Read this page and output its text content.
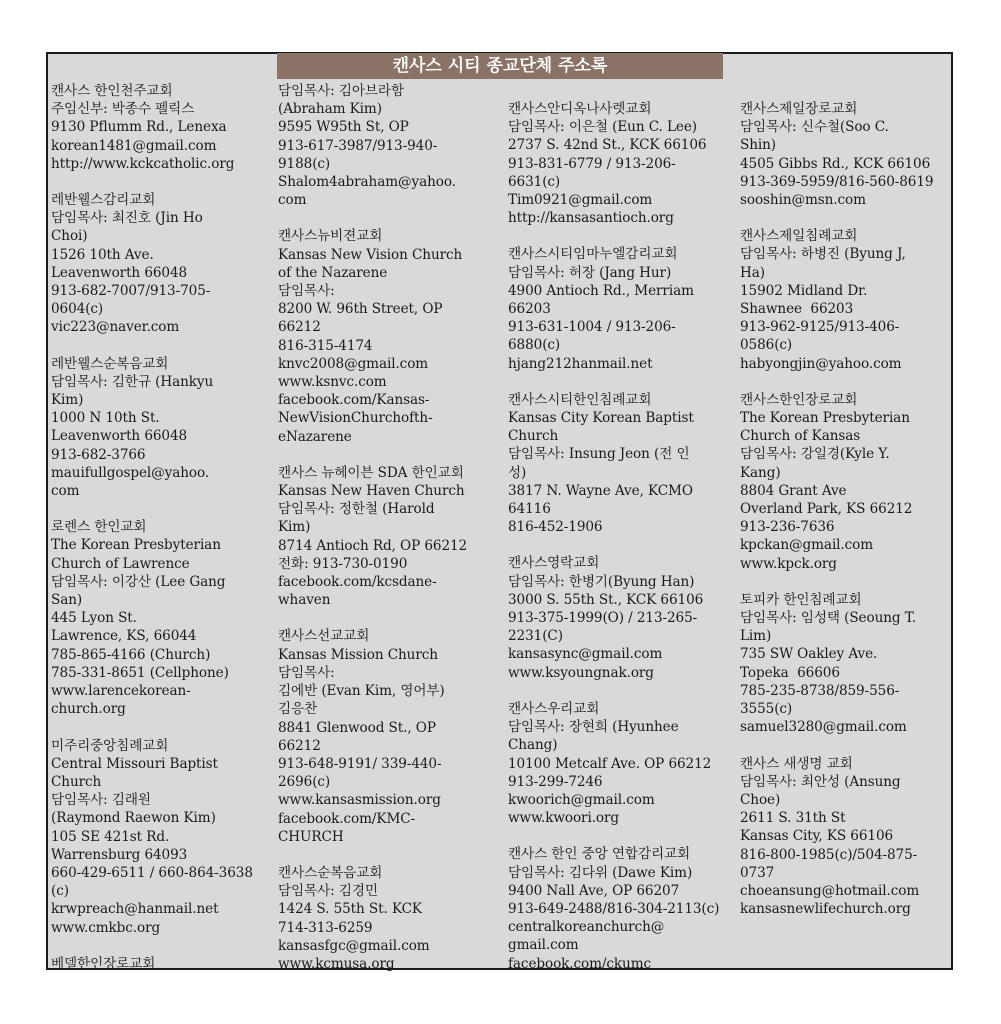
캔사스 시티 종교단체 주소록
캔사스 한인천주교회
주임신부: 박종수 펠릭스
9130 Pflumm Rd., Lenexa
korean1481@gmail.com
http://www.kckcatholic.org
레반웰스감리교회
담임목사: 최진호 (Jin Ho
Choi)
1526 10th Ave.
Leavenworth 66048
913-682-7007/913-705-
0604(c)
vic223@naver.com
레반웰스순복음교회
담임목사: 김한규 (Hankyu
Kim)
1000 N 10th St.
Leavenworth 66048
913-682-3766
mauifullgospel@yahoo.
com
로렌스 한인교회
The Korean Presbyterian
Church of Lawrence
담임목사: 이강산 (Lee Gang
San)
445 Lyon St.
Lawrence, KS, 66044
785-865-4166 (Church)
785-331-8651 (Cellphone)
www.larencekorean-
church.org
미주리중앙침례교회
Central Missouri Baptist
Church
담임목사: 김래원
(Raymond Raewon Kim)
105 SE 421st Rd.
Warrensburg 64093
660-429-6511 / 660-864-3638
(c)
krwpreach@hanmail.net
www.cmkbc.org
베델한인장로교회
담임목사: 김아브라함
(Abraham Kim)
9595 W95th St, OP
913-617-3987/913-940-
9188(c)
Shalom4abraham@yahoo.
com
캔사스뉴비젼교회
Kansas New Vision Church
of the Nazarene
담임목사:
8200 W. 96th Street, OP
66212
816-315-4174
knvc2008@gmail.com
www.ksnvc.com
facebook.com/Kansas-
NewVisionChurchofth-
eNazarene
캔사스 뉴헤이븐 SDA 한인교회
Kansas New Haven Church
담임목사: 정한철 (Harold
Kim)
8714 Antioch Rd, OP 66212
전화: 913-730-0190
facebook.com/kcsdane-
whaven
캔사스선교교회
Kansas Mission Church
담임목사:
김에반 (Evan Kim, 영어부)
김응찬
8841 Glenwood St., OP
66212
913-648-9191/ 339-440-
2696(c)
www.kansasmission.org
facebook.com/KMC-
CHURCH
캔사스순복음교회
담임목사: 김경민
1424 S. 55th St. KCK
714-313-6259
kansasfgc@gmail.com
www.kcmusa.org
캔사스안디옥나사렛교회
담임목사: 이은철 (Eun C. Lee)
2737 S. 42nd St., KCK 66106
913-831-6779 / 913-206-
6631(c)
Tim0921@gmail.com
http://kansasantioch.org
캔사스시티임마누엘감리교회
담임목사: 허장 (Jang Hur)
4900 Antioch Rd., Merriam
66203
913-631-1004 / 913-206-
6880(c)
hjang212hanmail.net
캔사스시티한인침례교회
Kansas City Korean Baptist
Church
담임목사: Insung Jeon (전 인
성)
3817 N. Wayne Ave, KCMO
64116
816-452-1906
캔사스영락교회
담임목사: 한병기(Byung Han)
3000 S. 55th St., KCK 66106
913-375-1999(O) / 213-265-
2231(C)
kansasync@gmail.com
www.ksyoungnak.org
캔사스우리교회
담임목사: 장현희 (Hyunhee
Chang)
10100 Metcalf Ave. OP 66212
913-299-7246
kwoorich@gmail.com
www.kwoori.org
캔사스 한인 중앙 연합감리교회
담임목사: 김다위 (Dawe Kim)
9400 Nall Ave, OP 66207
913-649-2488/816-304-2113(c)
centralkoreanchurch@
gmail.com
facebook.com/ckumc
캔사스제일장로교회
담임목사: 신수철(Soo C.
Shin)
4505 Gibbs Rd., KCK 66106
913-369-5959/816-560-8619
sooshin@msn.com
캔사스제일침례교회
담임목사: 하병진 (Byung J,
Ha)
15902 Midland Dr.
Shawnee  66203
913-962-9125/913-406-
0586(c)
habyongjin@yahoo.com
캔사스한인장로교회
The Korean Presbyterian
Church of Kansas
담임목사: 강일경(Kyle Y.
Kang)
8804 Grant Ave
Overland Park, KS 66212
913-236-7636
kpckan@gmail.com
www.kpck.org
토피카 한인침례교회
담임목사: 임성택 (Seoung T.
Lim)
735 SW Oakley Ave.
Topeka  66606
785-235-8738/859-556-
3555(c)
samuel3280@gmail.com
캔사스 새생명 교회
담임목사: 최안성 (Ansung
Choe)
2611 S. 31th St
Kansas City, KS 66106
816-800-1985(c)/504-875-
0737
choeansung@hotmail.com
kansasnewlifechurch.org
